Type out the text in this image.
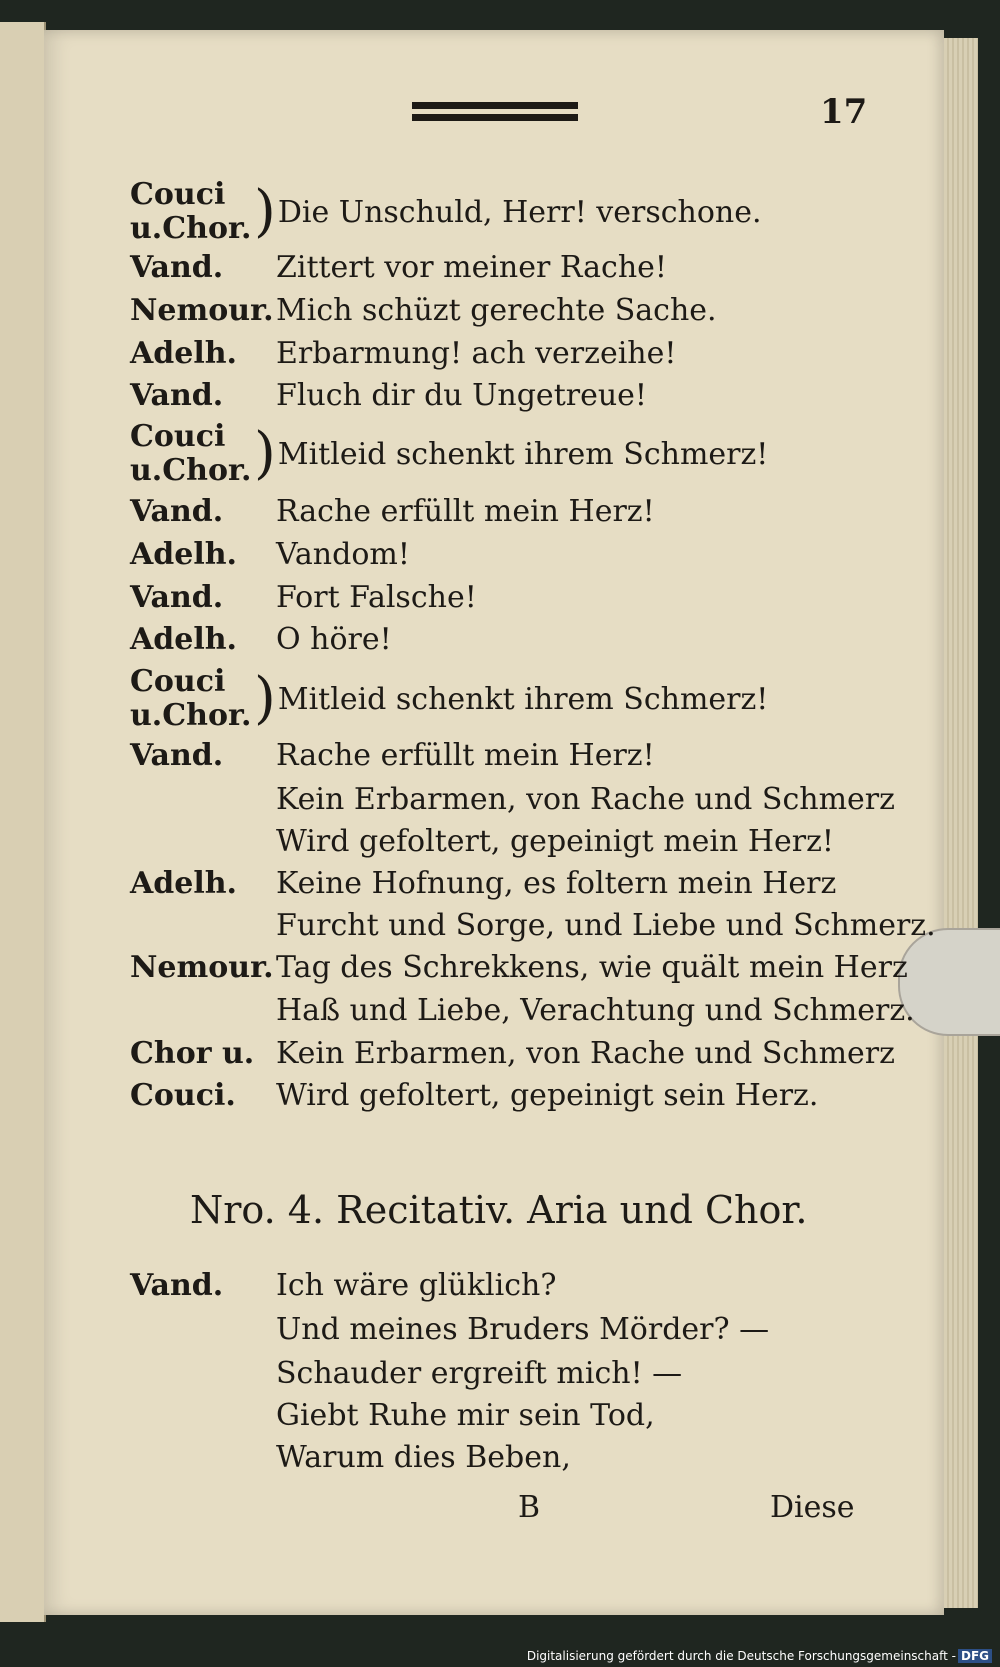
17
Couci
u.Chor. )Die Unschuld, Herr! verschone.
Vand. Zittert vor meiner Rache!
Nemour.Mich schüzt gerechte Sache.
Adelh. Erbarmung! ach verzeihe!
Vand. Fluch dir du Ungetreue!
Couci
u.Chor. )Mitleid schenkt ihrem Schmerz!
Vand. Rache erfüllt mein Herz!
Adelh. Vandom!
Vand. Fort Falsche!
Adelh. O höre!
Couci
u.Chor. )Mitleid schenkt ihrem Schmerz!
Vand. Rache erfüllt mein Herz!
Kein Erbarmen, von Rache und Schmerz
Wird gefoltert, gepeinigt mein Herz!
Adelh. Keine Hofnung, es foltern mein Herz
Furcht und Sorge, und Liebe und Schmerz.
Nemour.Tag des Schrekkens, wie quält mein Herz
Haß und Liebe, Verachtung und Schmerz.
Chor u. Kein Erbarmen, von Rache und Schmerz
Couci. Wird gefoltert, gepeinigt sein Herz.
Nro. 4. Recitativ. Aria und Chor.
Vand. Ich wäre glüklich?
Und meines Bruders Mörder? —
Schauder ergreift mich! —
Giebt Ruhe mir sein Tod,
Warum dies Beben,
B	Diese
Digitalisierung gefördert durch die Deutsche Forschungsgemeinschaft - DFG
